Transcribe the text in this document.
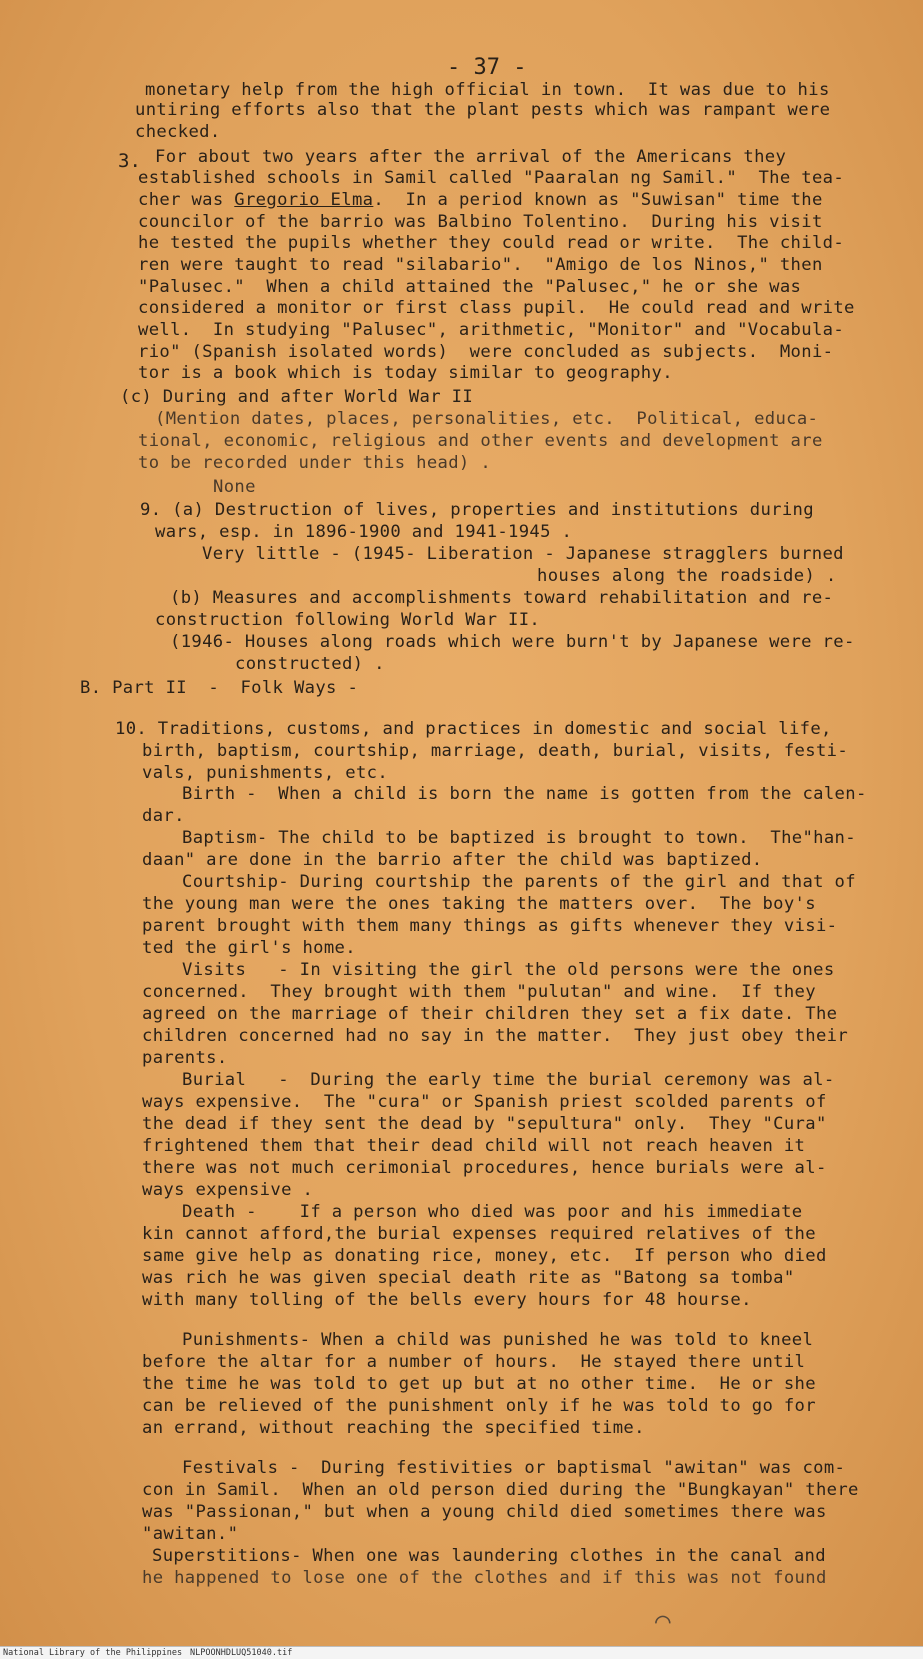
- 37 -
monetary help from the high official in town.  It was due to his
untiring efforts also that the plant pests which was rampant were
checked.
3. For about two years after the arrival of the Americans they
established schools in Samil called "Paaralan ng Samil."  The tea-
cher was Gregorio Elma.  In a period known as "Suwisan" time the
councilor of the barrio was Balbino Tolentino.  During his visit
he tested the pupils whether they could read or write.  The child-
ren were taught to read "silabario".  "Amigo de los Ninos," then
"Palusec."  When a child attained the "Palusec," he or she was
considered a monitor or first class pupil.  He could read and write
well.  In studying "Palusec", arithmetic, "Monitor" and "Vocabula-
rio" (Spanish isolated words)  were concluded as subjects.  Moni-
tor is a book which is today similar to geography.
(c) During and after World War II
(Mention dates, places, personalities, etc.  Political, educa-
tional, economic, religious and other events and development are
to be recorded under this head) .
None
9. (a) Destruction of lives, properties and institutions during
wars, esp. in 1896-1900 and 1941-1945 .
Very little - (1945- Liberation - Japanese stragglers burned
houses along the roadside) .
(b) Measures and accomplishments toward rehabilitation and re-
construction following World War II.
(1946- Houses along roads which were burn't by Japanese were re-
constructed) .
B. Part II  -  Folk Ways -
10. Traditions, customs, and practices in domestic and social life,
birth, baptism, courtship, marriage, death, burial, visits, festi-
vals, punishments, etc.
Birth -  When a child is born the name is gotten from the calen-
dar.
Baptism- The child to be baptized is brought to town.  The"han-
daan" are done in the barrio after the child was baptized.
Courtship- During courtship the parents of the girl and that of
the young man were the ones taking the matters over.  The boy's
parent brought with them many things as gifts whenever they visi-
ted the girl's home.
Visits   - In visiting the girl the old persons were the ones
concerned.  They brought with them "pulutan" and wine.  If they
agreed on the marriage of their children they set a fix date. The
children concerned had no say in the matter.  They just obey their
parents.
Burial   -  During the early time the burial ceremony was al-
ways expensive.  The "cura" or Spanish priest scolded parents of
the dead if they sent the dead by "sepultura" only.  They "Cura"
frightened them that their dead child will not reach heaven it
there was not much cerimonial procedures, hence burials were al-
ways expensive .
Death -    If a person who died was poor and his immediate
kin cannot afford,the burial expenses required relatives of the
same give help as donating rice, money, etc.  If person who died
was rich he was given special death rite as "Batong sa tomba"
with many tolling of the bells every hours for 48 hourse.
Punishments- When a child was punished he was told to kneel
before the altar for a number of hours.  He stayed there until
the time he was told to get up but at no other time.  He or she
can be relieved of the punishment only if he was told to go for
an errand, without reaching the specified time.
Festivals -  During festivities or baptismal "awitan" was com-
con in Samil.  When an old person died during the "Bungkayan" there
was "Passionan," but when a young child died sometimes there was
"awitan."
Superstitions- When one was laundering clothes in the canal and
he happened to lose one of the clothes and if this was not found
⌒
National Library of the Philippines NLPOONHDLUQ51040.tif
